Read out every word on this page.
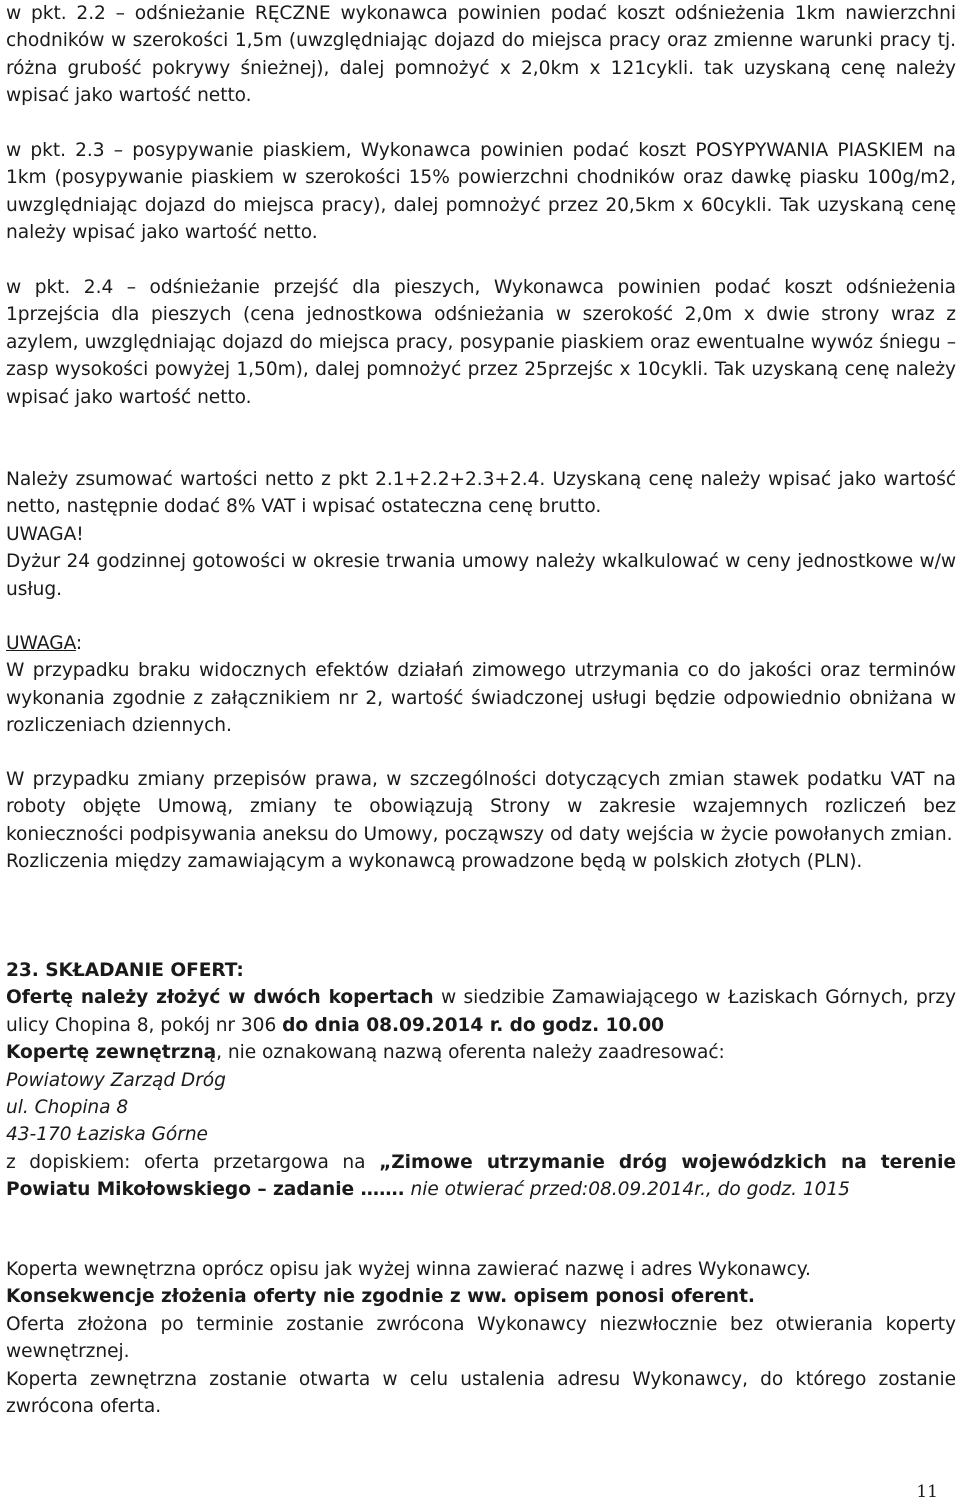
w pkt. 2.2 – odśnieżanie RĘCZNE wykonawca powinien podać koszt odśnieżenia 1km nawierzchni chodników w szerokości 1,5m (uwzględniając dojazd do miejsca pracy oraz zmienne warunki pracy tj. różna grubość pokrywy śnieżnej), dalej pomnożyć x 2,0km x 121cykli. tak uzyskaną cenę należy wpisać jako wartość netto.

w pkt. 2.3 – posypywanie piaskiem, Wykonawca powinien podać koszt POSYPYWANIA PIASKIEM na 1km (posypywanie piaskiem w szerokości 15% powierzchni chodników oraz dawkę piasku 100g/m2, uwzględniając dojazd do miejsca pracy), dalej pomnożyć przez 20,5km x 60cykli. Tak uzyskaną cenę należy wpisać jako wartość netto.

w pkt. 2.4 – odśnieżanie przejść dla pieszych, Wykonawca powinien podać koszt odśnieżenia 1przejścia dla pieszych (cena jednostkowa odśnieżania w szerokość 2,0m x dwie strony wraz z azylem, uwzględniając dojazd do miejsca pracy, posypanie piaskiem oraz ewentualne wywóz śniegu – zasp wysokości powyżej 1,50m), dalej pomnożyć przez 25przejśc x 10cykli. Tak uzyskaną cenę należy wpisać jako wartość netto.

Należy zsumować wartości netto z pkt 2.1+2.2+2.3+2.4. Uzyskaną cenę należy wpisać jako wartość netto, następnie dodać 8% VAT i wpisać ostateczna cenę brutto.

UWAGA!

Dyżur 24 godzinnej gotowości w okresie trwania umowy należy wkalkulować w ceny jednostkowe w/w usług.

UWAGA:

W przypadku braku widocznych efektów działań zimowego utrzymania co do jakości oraz terminów wykonania zgodnie z załącznikiem nr 2, wartość świadczonej usługi będzie odpowiednio obniżana w rozliczeniach dziennych.

W przypadku zmiany przepisów prawa, w szczególności dotyczących zmian stawek podatku VAT na roboty objęte Umową, zmiany te obowiązują Strony w zakresie wzajemnych rozliczeń bez konieczności podpisywania aneksu do Umowy, począwszy od daty wejścia w życie powołanych zmian.

Rozliczenia między zamawiającym a wykonawcą prowadzone będą w polskich złotych (PLN).

23. SKŁADANIE OFERT:

Ofertę należy złożyć w dwóch kopertach w siedzibie Zamawiającego w Łaziskach Górnych, przy ulicy Chopina 8, pokój nr 306 do dnia 08.09.2014 r. do godz. 10.00

Kopertę zewnętrzną, nie oznakowaną nazwą oferenta należy zaadresować:

Powiatowy Zarząd Dróg

ul. Chopina 8

43-170 Łaziska Górne

z dopiskiem: oferta przetargowa na „Zimowe utrzymanie dróg wojewódzkich na terenie Powiatu Mikołowskiego – zadanie ……. nie otwierać przed:08.09.2014r., do godz. 1015

Koperta wewnętrzna oprócz opisu jak wyżej winna zawierać nazwę i adres Wykonawcy.

Konsekwencje złożenia oferty nie zgodnie z ww. opisem ponosi oferent.

Oferta złożona po terminie zostanie zwrócona Wykonawcy niezwłocznie bez otwierania koperty wewnętrznej.

Koperta zewnętrzna zostanie otwarta w celu ustalenia adresu Wykonawcy, do którego zostanie zwrócona oferta.

11
